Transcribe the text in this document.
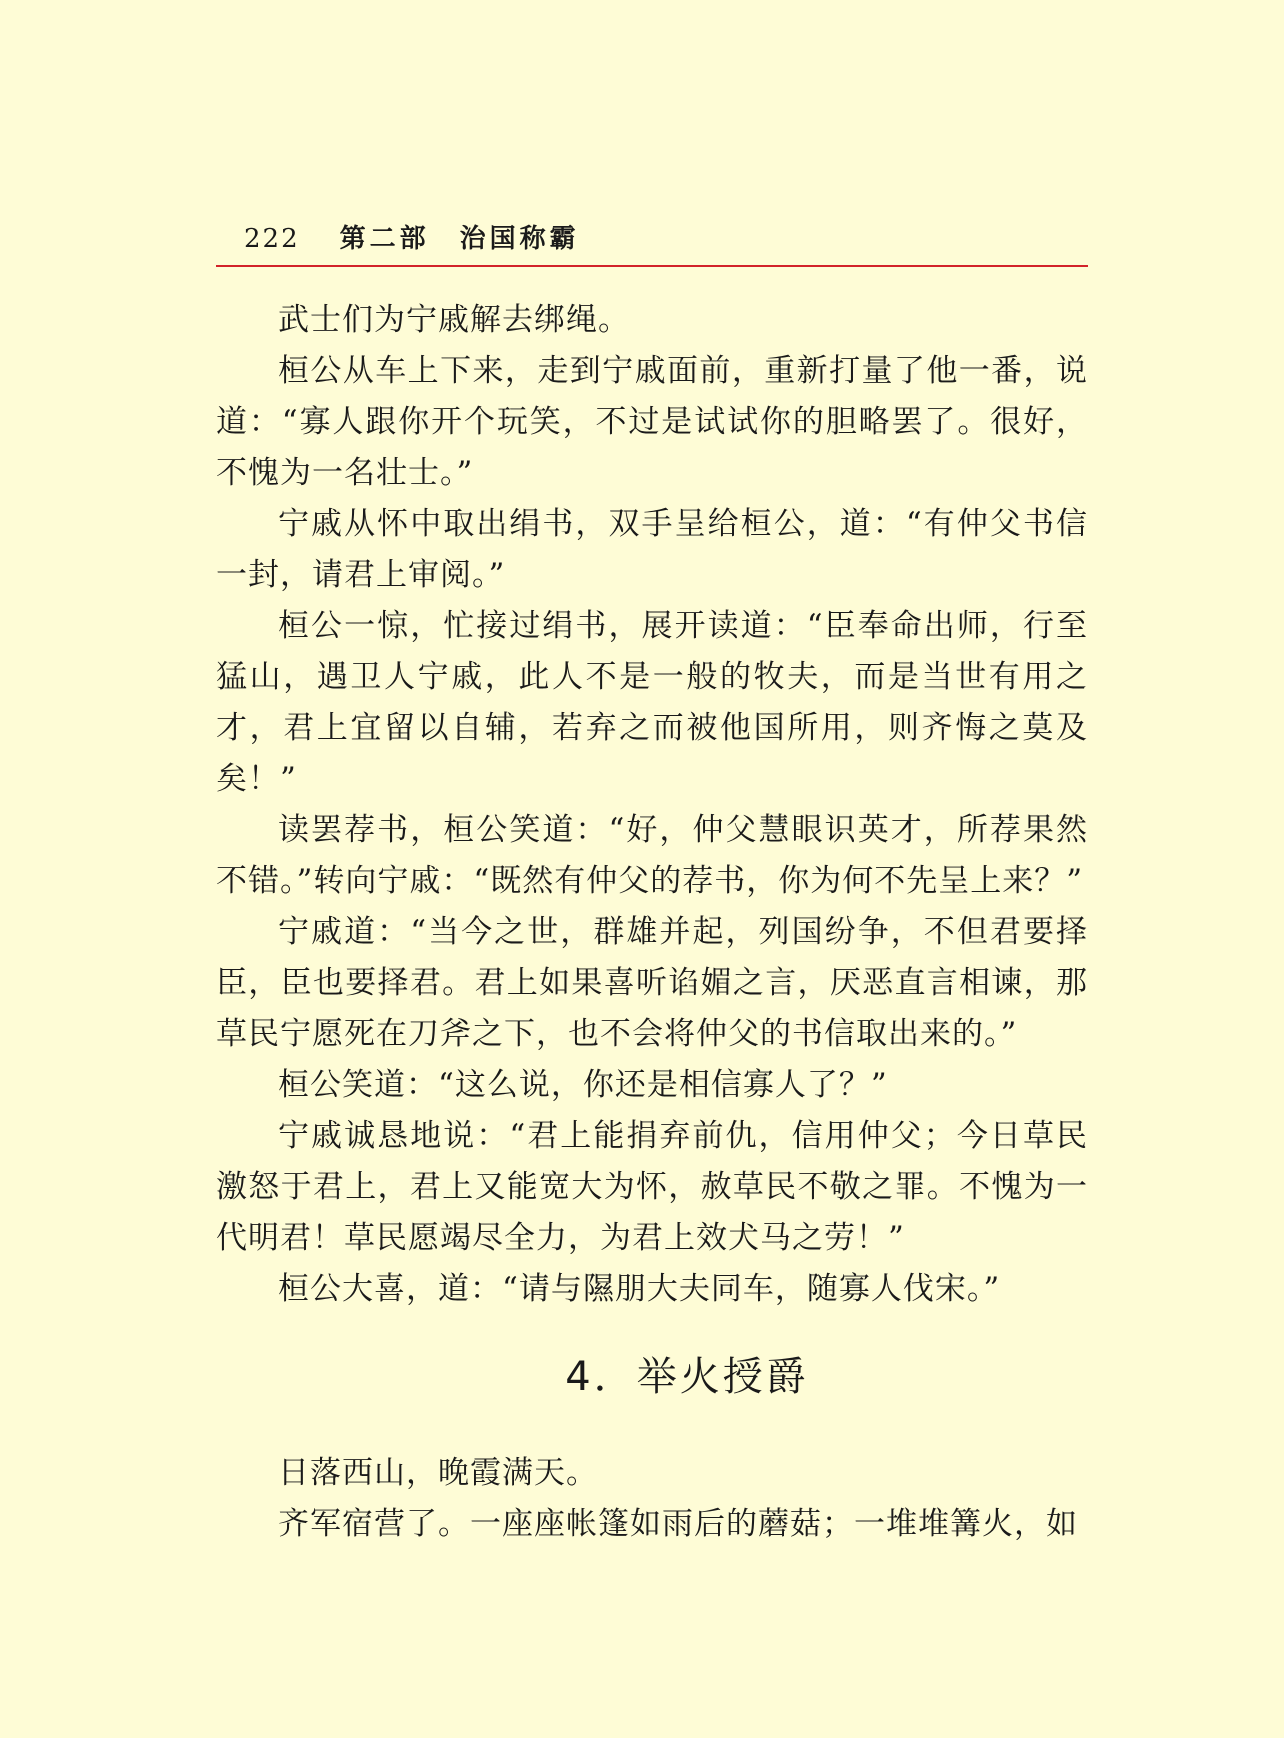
222 第二部 治国称霸

武士们为宁戚解去绑绳。

桓公从车上下来，走到宁戚面前，重新打量了他一番，说道：“寡人跟你开个玩笑，不过是试试你的胆略罢了。很好，不愧为一名壮士。”

宁戚从怀中取出绢书，双手呈给桓公，道：“有仲父书信一封，请君上审阅。”

桓公一惊，忙接过绢书，展开读道：“臣奉命出师，行至猛山，遇卫人宁戚，此人不是一般的牧夫，而是当世有用之才，君上宜留以自辅，若弃之而被他国所用，则齐悔之莫及矣！”

读罢荐书，桓公笑道：“好，仲父慧眼识英才，所荐果然不错。”转向宁戚：“既然有仲父的荐书，你为何不先呈上来？”

宁戚道：“当今之世，群雄并起，列国纷争，不但君要择臣，臣也要择君。君上如果喜听谄媚之言，厌恶直言相谏，那草民宁愿死在刀斧之下，也不会将仲父的书信取出来的。”

桓公笑道：“这么说，你还是相信寡人了？”

宁戚诚恳地说：“君上能捐弃前仇，信用仲父；今日草民激怒于君上，君上又能宽大为怀，赦草民不敬之罪。不愧为一代明君！草民愿竭尽全力，为君上效犬马之劳！”

桓公大喜，道：“请与隰朋大夫同车，随寡人伐宋。”

4．举火授爵

日落西山，晚霞满天。

齐军宿营了。一座座帐篷如雨后的蘑菇；一堆堆篝火，如
